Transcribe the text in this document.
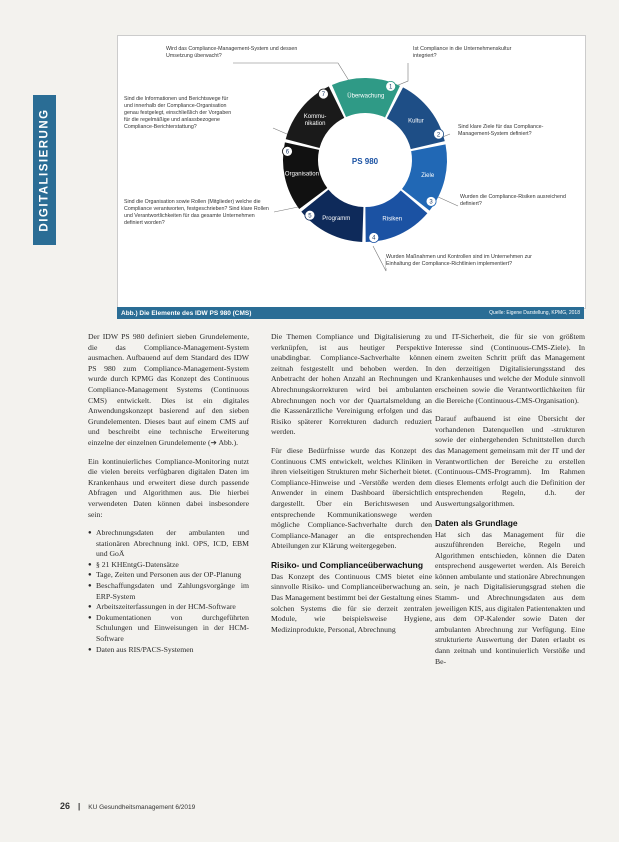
DIGITALISIERUNG
Überwachung
Kultur
Ziele
Risiken
Programm
Organisation
Kommu-nikation
1
2
3
4
5
6
7
PS 980
Wird das Compliance-Management-System und dessen Umsetzung überwacht?
Ist Compliance in die Unternehmenskultur integriert?
Sind die Informationen und Berichtswege für und innerhalb der Compliance-Organisation genau festgelegt, einschließlich der Vorgaben für die regelmäßige und anlassbezogene Compliance-Berichterstattung?	Sind klare Ziele für das Compliance-Management-System definiert?
Sind die Organisation sowie Rollen (Mitglieder) welche die Compliance verantworten, festgeschrieben? Sind klare Rollen und Verantwortlichkeiten für das gesamte Unternehmen definiert worden?
Wurden die Compliance-Risiken ausreichend definiert?
Wurden Maßnahmen und Kontrollen sind im Unternehmen zur Einhaltung der Compliance-Richtlinien implementiert?
Abb.) Die Elemente des IDW PS 980 (CMS)	Quelle: Eigene Darstellung, KPMG, 2018

Der IDW PS 980 definiert sieben Grundelemente, die das Compliance-Management-System ausmachen. Aufbauend auf dem Standard des IDW PS 980 zum Compliance-Management-System wurde durch KPMG das Konzept des Continuous Compliance-Management Systems (Continuous CMS) entwickelt. Dies ist ein digitales Anwendungskonzept basierend auf den sieben Grundelementen. Dieses baut auf einem CMS auf und beschreibt eine technische Erweiterung einzelne der einzelnen Grundelemente (➔ Abb.).

Ein kontinuierliches Compliance-Monitoring nutzt die vielen bereits verfügbaren digitalen Daten im Krankenhaus und erweitert diese durch passende Abfragen und Algorithmen aus. Die hierbei verwendeten Daten können dabei insbesondere sein:

● Abrechnungsdaten der ambulanten und stationären Abrechnung inkl. OPS, ICD, EBM und GoÄ
● § 21 KHEntgG-Datensätze
● Tage, Zeiten und Personen aus der OP-Planung
● Beschaffungsdaten und Zahlungsvorgänge im ERP-System
● Arbeitszeiterfassungen in der HCM-Software
● Dokumentationen von durchgeführten Schulungen und Einweisungen in der HCM-Software
● Daten aus RIS/PACS-Systemen

Die Themen Compliance und Digitalisierung zu verknüpfen, ist aus heutiger Perspektive unabdingbar. Compliance-Sachverhalte können zeitnah festgestellt und behoben werden. In Anbetracht der hohen Anzahl an Rechnungen und Abrechnungskorrekturen wird bei ambulanten Abrechnungen noch vor der Quartalsmeldung an die Kassenärztliche Vereinigung erfolgen und das Risiko späterer Korrekturen dadurch reduziert werden.

Für diese Bedürfnisse wurde das Konzept des Continuous CMS entwickelt, welches Kliniken in ihren vielseitigen Strukturen mehr Sicherheit bietet. Compliance-Hinweise und -Verstöße werden dem Anwender in einem Dashboard übersichtlich dargestellt. Über ein Berichtswesen und entsprechende Kommunikationswege werden mögliche Compliance-Sachverhalte durch den Compliance-Manager an die entsprechenden Abteilungen zur Klärung weitergegeben.

Risiko- und Complianceüberwachung

Das Konzept des Continuous CMS bietet eine sinnvolle Risiko- und Complianceüberwachung an. Das Management bestimmt bei der Gestaltung eines solchen Systems die für sie derzeit zentralen Module, wie beispielsweise Hygiene, Medizinprodukte, Personal, Abrechnung

und IT-Sicherheit, die für sie von größtem Interesse sind (Continuous-CMS-Ziele). In einem zweiten Schritt prüft das Management den derzeitigen Digitalisierungsstand des Krankenhauses und welche der Module sinnvoll erscheinen sowie die Verantwortlichkeiten für die Bereiche (Continuous-CMS-Organisation).

Darauf aufbauend ist eine Übersicht der vorhandenen Datenquellen und -strukturen sowie der einhergehenden Schnittstellen durch das Management gemeinsam mit der IT und der Verantwortlichen der Bereiche zu erstellen (Continuous-CMS-Programm). Im Rahmen dieses Elements erfolgt auch die Definition der entsprechenden Regeln, d.h. der Auswertungsalgorithmen.

Daten als Grundlage

Hat sich das Management für die auszuführenden Bereiche, Regeln und Algorithmen entschieden, können die Daten entsprechend ausgewertet werden. Als Bereich können ambulante und stationäre Abrechnungen sein, je nach Digitalisierungsgrad stehen die Stamm- und Abrechnungsdaten aus dem jeweiligen KIS, aus digitalen Patientenakten und aus dem OP-Kalender sowie Daten der ambulanten Abrechnung zur Verfügung. Eine strukturierte Auswertung der Daten erlaubt es dann zeitnah und kontinuierlich Verstöße und Be-

26 | KU Gesundheitsmanagement 6/2019
